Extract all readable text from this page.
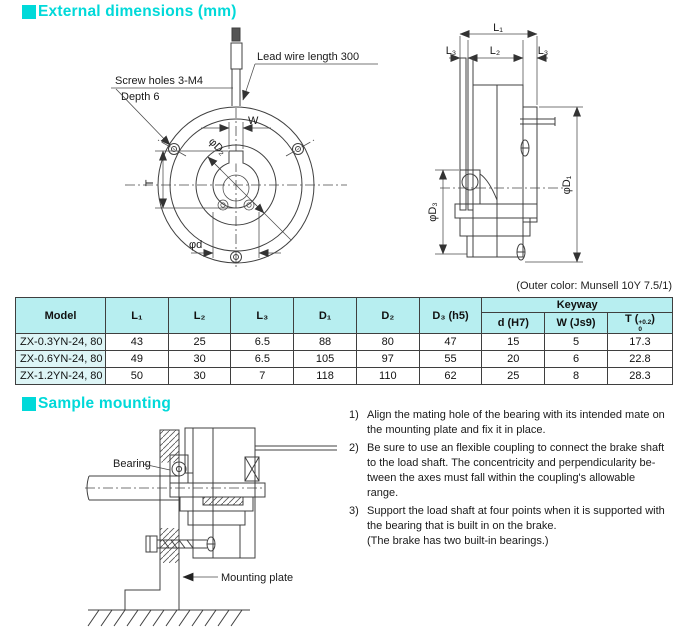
External dimensions (mm)
W
T
φD₂
φd
Screw holes 3-M4
Depth 6
Lead wire length 300
L₁
L₃	L₂	L₃
φD₃
φD₁
(Outer color: Munsell 10Y 7.5/1)
Model	L₁	L₂	L₃	D₁	D₂	D₃ (h5)	Keyway		
							d (H7)	W (Js9)	T ( +0.2
0
)
ZX-0.3YN-24, 80	43	25	6.5	88	80	47	15	5	17.3
ZX-0.6YN-24, 80	49	30	6.5	105	97	55	20	6	22.8
ZX-1.2YN-24, 80	50	30	7	118	110	62	25	8	28.3
Sample mounting
Bearing
Mounting plate
1) Align the mating hole of the bearing with its intended mate on
the mounting plate and fix it in place.
2) Be sure to use an flexible coupling to connect the brake shaft
to the load shaft. The concentricity and perpendicularity be-
tween the axes must fall within the coupling's allowable
range.
3) Support the load shaft at four points when it is supported with
the bearing that is built in on the brake.
(The brake has two built-in bearings.)
